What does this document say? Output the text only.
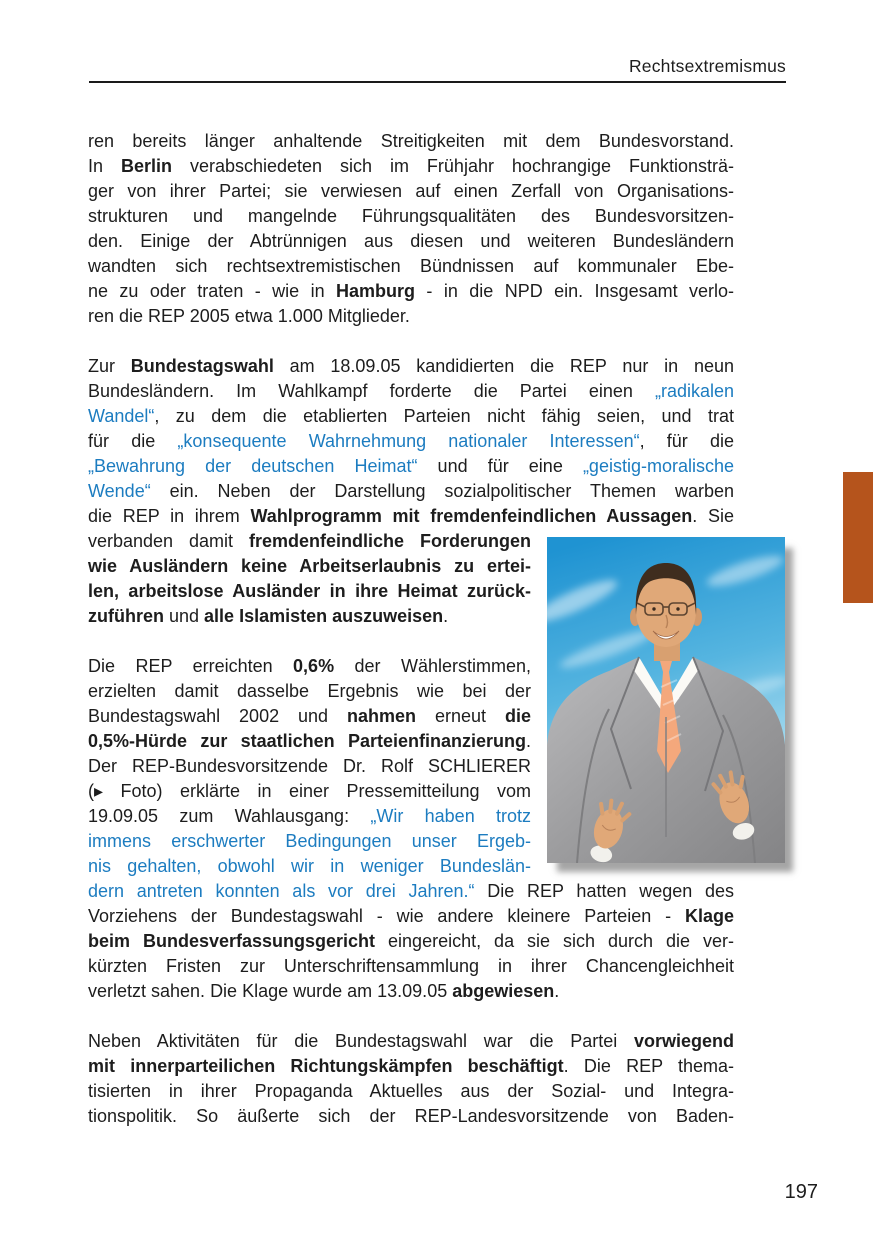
Rechtsextremismus
ren bereits länger anhaltende Streitigkeiten mit dem Bundesvorstand.
In Berlin verabschiedeten sich im Frühjahr hochrangige Funktionsträ-
ger von ihrer Partei; sie verwiesen auf einen Zerfall von Organisations-
strukturen und mangelnde Führungsqualitäten des Bundesvorsitzen-
den. Einige der Abtrünnigen aus diesen und weiteren Bundesländern
wandten sich rechtsextremistischen Bündnissen auf kommunaler Ebe-
ne zu oder traten - wie in Hamburg - in die NPD ein. Insgesamt verlo-
ren die REP 2005 etwa 1.000 Mitglieder.
Zur Bundestagswahl am 18.09.05 kandidierten die REP nur in neun
Bundesländern. Im Wahlkampf forderte die Partei einen „radikalen
Wandel“, zu dem die etablierten Parteien nicht fähig seien, und trat
für die „konsequente Wahrnehmung nationaler Interessen“, für die
„Bewahrung der deutschen Heimat“ und für eine „geistig-moralische
Wende“ ein. Neben der Darstellung sozialpolitischer Themen warben
die REP in ihrem Wahlprogramm mit fremdenfeindlichen Aussagen. Sie
verbanden damit fremdenfeindliche Forderungen
wie Ausländern keine Arbeitserlaubnis zu ertei-
len, arbeitslose Ausländer in ihre Heimat zurück-
zuführen und alle Islamisten auszuweisen.
Die REP erreichten 0,6% der Wählerstimmen,
erzielten damit dasselbe Ergebnis wie bei der
Bundestagswahl 2002 und nahmen erneut die
0,5%-Hürde zur staatlichen Parteienfinanzierung.
Der REP-Bundesvorsitzende Dr. Rolf SCHLIERER
(▸ Foto) erklärte in einer Pressemitteilung vom
19.09.05 zum Wahlausgang: „Wir haben trotz
immens erschwerter Bedingungen unser Ergeb-
nis gehalten, obwohl wir in weniger Bundeslän-
dern antreten konnten als vor drei Jahren.“ Die REP hatten wegen des
Vorziehens der Bundestagswahl - wie andere kleinere Parteien - Klage
beim Bundesverfassungsgericht eingereicht, da sie sich durch die ver-
kürzten Fristen zur Unterschriftensammlung in ihrer Chancengleichheit
verletzt sahen. Die Klage wurde am 13.09.05 abgewiesen.
Neben Aktivitäten für die Bundestagswahl war die Partei vorwiegend
mit innerparteilichen Richtungskämpfen beschäftigt. Die REP thema-
tisierten in ihrer Propaganda Aktuelles aus der Sozial- und Integra-
tionspolitik. So äußerte sich der REP-Landesvorsitzende von Baden-
197
